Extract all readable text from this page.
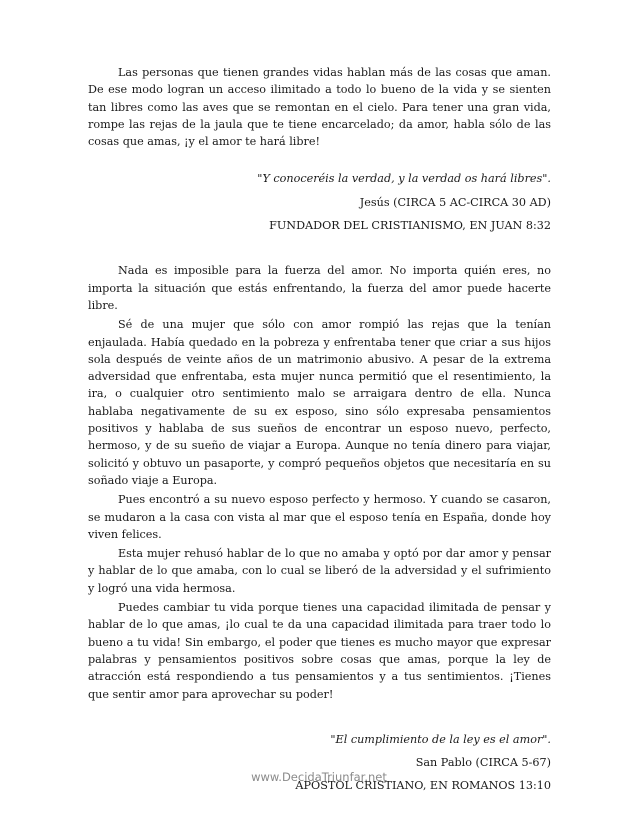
Las personas que tienen grandes vidas hablan más de las cosas que aman. De ese modo logran un acceso ilimitado a todo lo bueno de la vida y se sienten tan libres como las aves que se remontan en el cielo. Para tener una gran vida, rompe las rejas de la jaula que te tiene encarcelado; da amor, habla sólo de las cosas que amas, ¡y el amor te hará libre!

"Y conoceréis la verdad, y la verdad os hará libres".
Jesús (CIRCA 5 AC-CIRCA 30 AD)
FUNDADOR DEL CRISTIANISMO, EN JUAN 8:32

Nada es imposible para la fuerza del amor. No importa quién eres, no importa la situación que estás enfrentando, la fuerza del amor puede hacerte libre.

Sé de una mujer que sólo con amor rompió las rejas que la tenían enjaulada. Había quedado en la pobreza y enfrentaba tener que criar a sus hijos sola después de veinte años de un matrimonio abusivo. A pesar de la extrema adversidad que enfrentaba, esta mujer nunca permitió que el resentimiento, la ira, o cualquier otro sentimiento malo se arraigara dentro de ella. Nunca hablaba negativamente de su ex esposo, sino sólo expresaba pensamientos positivos y hablaba de sus sueños de encontrar un esposo nuevo, perfecto, hermoso, y de su sueño de viajar a Europa. Aunque no tenía dinero para viajar, solicitó y obtuvo un pasaporte, y compró pequeños objetos que necesitaría en su soñado viaje a Europa.

Pues encontró a su nuevo esposo perfecto y hermoso. Y cuando se casaron, se mudaron a la casa con vista al mar que el esposo tenía en España, donde hoy viven felices.

Esta mujer rehusó hablar de lo que no amaba y optó por dar amor y pensar y hablar de lo que amaba, con lo cual se liberó de la adversidad y el sufrimiento y logró una vida hermosa.

Puedes cambiar tu vida porque tienes una capacidad ilimitada de pensar y hablar de lo que amas, ¡lo cual te da una capacidad ilimitada para traer todo lo bueno a tu vida! Sin embargo, el poder que tienes es mucho mayor que expresar palabras y pensamientos positivos sobre cosas que amas, porque la ley de atracción está respondiendo a tus pensamientos y a tus sentimientos. ¡Tienes que sentir amor para aprovechar su poder!

"El cumplimiento de la ley es el amor".
San Pablo (CIRCA 5-67)
APÓSTOL CRISTIANO, EN ROMANOS 13:10
www.DecidaTriunfar.net
